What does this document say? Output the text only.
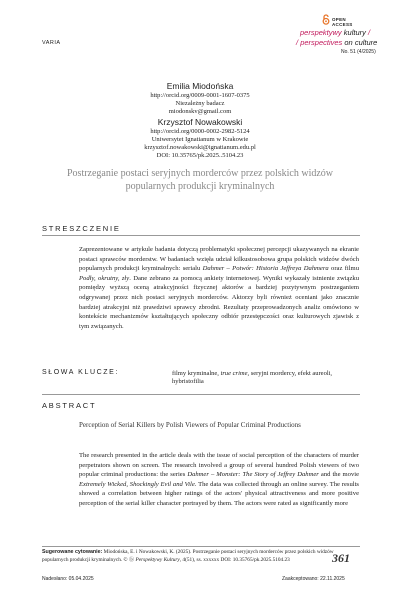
VARIA
OPEN
ACCESS
perspektywy kultury /
/ perspectives on culture
No. 51 (4/2025)
Emilia Miodońska
http://orcid.org/0009-0001-1607-0375
Niezależny badacz
miodonskv@gmail.com
Krzysztof Nowakowski
http://orcid.org/0000-0002-2982-5124
Uniwersytet Ignatianum w Krakowie
krzysztof.nowakowski@ignatianum.edu.pl
DOI: 10.35765/pk.2025..5104.23
Postrzeganie postaci seryjnych morderców przez polskich widzów popularnych produkcji kryminalnych
STRESZCZENIE
Zaprezentowane w artykule badania dotyczą problematyki społecznej percepcji ukazywanych na ekranie postaci sprawców morderstw. W badaniach wzięła udział kilkustosobowa grupa polskich widzów dwóch popularnych produkcji kryminalnych: serialu Dahmer – Potwór: Historia Jeffreya Dahmera oraz filmu Podły, okrutny, zły. Dane zebrano za pomocą ankiety internetowej. Wyniki wykazały istnienie związku pomiędzy wyższą oceną atrakcyjności fizycznej aktorów a bardziej pozytywnym postrzeganiem odgrywanej przez nich postaci seryjnych morderców. Aktorzy byli również oceniani jako znacznie bardziej atrakcyjni niż prawdziwi sprawcy zbrodni. Rezultaty przeprowadzonych analiz omówiono w kontekście mechanizmów kształtujących społeczny odbiór przestępczości oraz kulturowych zjawisk z tym związanych.
SŁOWA KLUCZE:	filmy kryminalne, true crime, seryjni mordercy, efekt aureoli, hybristofilia
ABSTRACT
Perception of Serial Killers by Polish Viewers of Popular Criminal Productions
The research presented in the article deals with the issue of social perception of the characters of murder perpetrators shown on screen. The research involved a group of several hundred Polish viewers of two popular criminal productions: the series Dahmer – Monster: The Story of Jeffrey Dahmer and the movie Extremely Wicked, Shockingly Evil and Vile. The data was collected through an online survey. The results showed a correlation between higher ratings of the actors' physical attractiveness and more positive perception of the serial killer character portrayed by them. The actors were rated as significantly more
Sugerowane cytowanie: Miodońska, E. i Nowakowski, K. (2025). Postrzeganie postaci seryjnych morderców przez polskich widzów popularnych produkcji kryminalnych. © ⓑ Perspektywy Kultury, 4(51), ss. xxxxxx DOI: 10.35765/pk.2025.5104.23	361
Nadesłano: 05.04.2025	Zaakceptowano: 22.11.2025
